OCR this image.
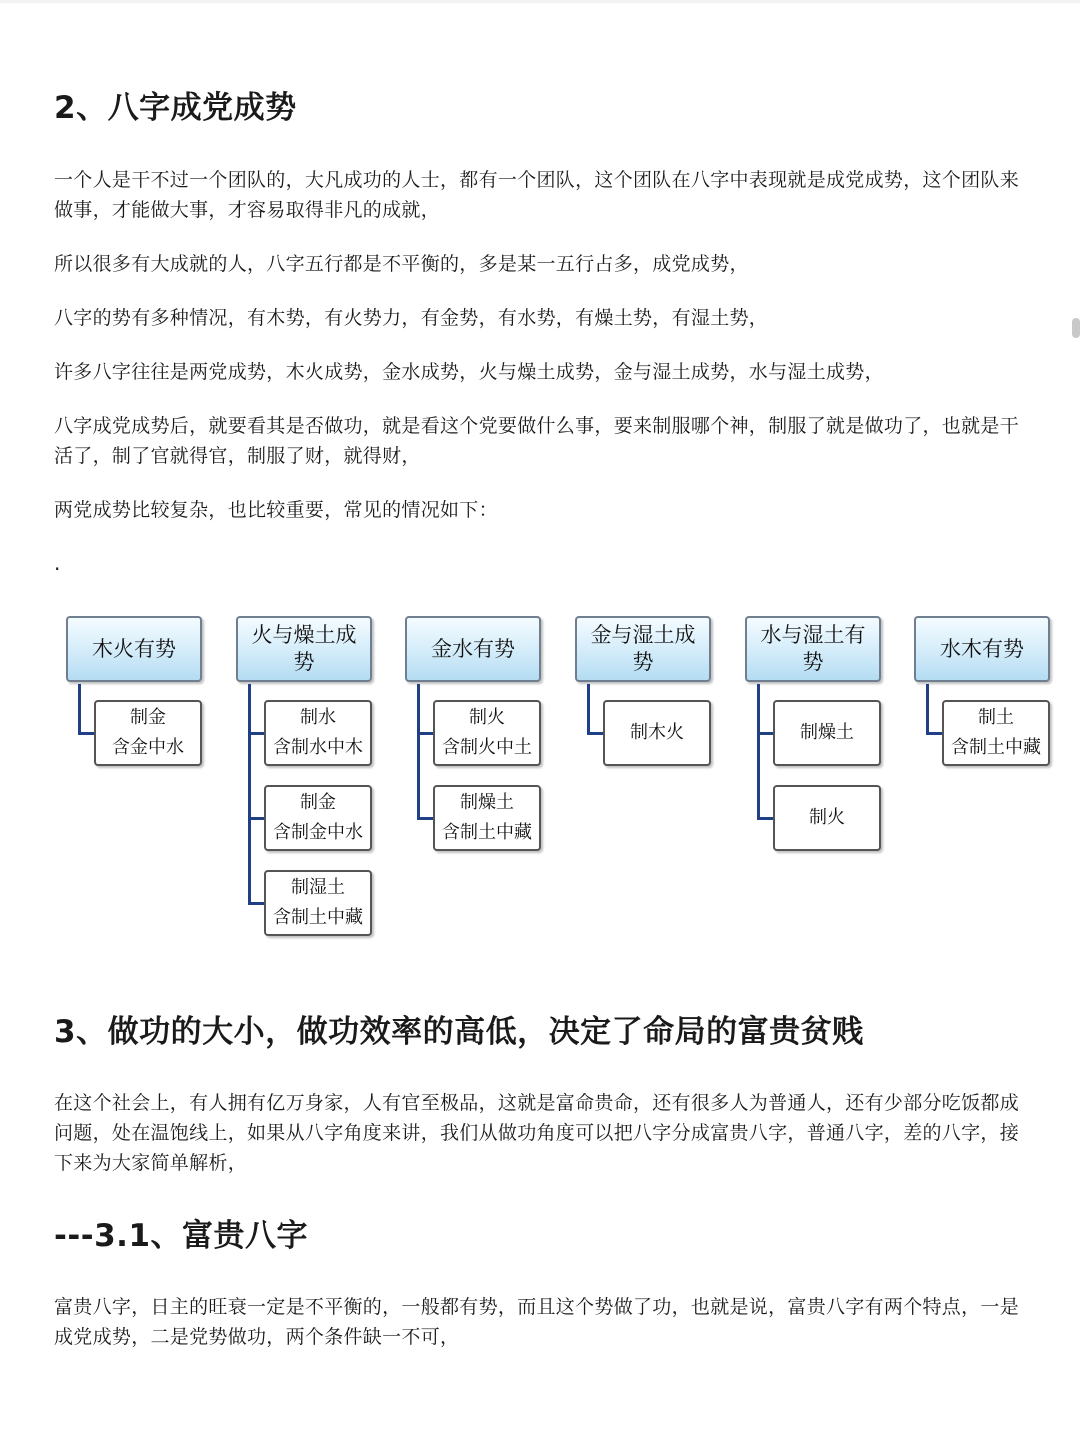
2、八字成党成势

一个人是干不过一个团队的，大凡成功的人士，都有一个团队，这个团队在八字中表现就是成党成势，这个团队来做事，才能做大事，才容易取得非凡的成就，

所以很多有大成就的人，八字五行都是不平衡的，多是某一五行占多，成党成势，

八字的势有多种情况，有木势，有火势力，有金势，有水势，有燥土势，有湿土势，

许多八字往往是两党成势，木火成势，金水成势，火与燥土成势，金与湿土成势，水与湿土成势，

八字成党成势后，就要看其是否做功，就是看这个党要做什么事，要来制服哪个神，制服了就是做功了，也就是干活了，制了官就得官，制服了财，就得财，

两党成势比较复杂，也比较重要，常见的情况如下：

.
木火有势
制金
含金中水
火与燥土成势
制水
含制水中木
制金
含制金中水
制湿土
含制土中藏
金水有势
制火
含制火中土
制燥土
含制土中藏
金与湿土成势
制木火
水与湿土有势
制燥土
制火
水木有势
制土
含制土中藏
3、做功的大小，做功效率的高低，决定了命局的富贵贫贱

在这个社会上，有人拥有亿万身家，人有官至极品，这就是富命贵命，还有很多人为普通人，还有少部分吃饭都成问题，处在温饱线上，如果从八字角度来讲，我们从做功角度可以把八字分成富贵八字，普通八字，差的八字，接下来为大家简单解析，

---3.1、富贵八字

富贵八字，日主的旺衰一定是不平衡的，一般都有势，而且这个势做了功，也就是说，富贵八字有两个特点，一是成党成势，二是党势做功，两个条件缺一不可，
